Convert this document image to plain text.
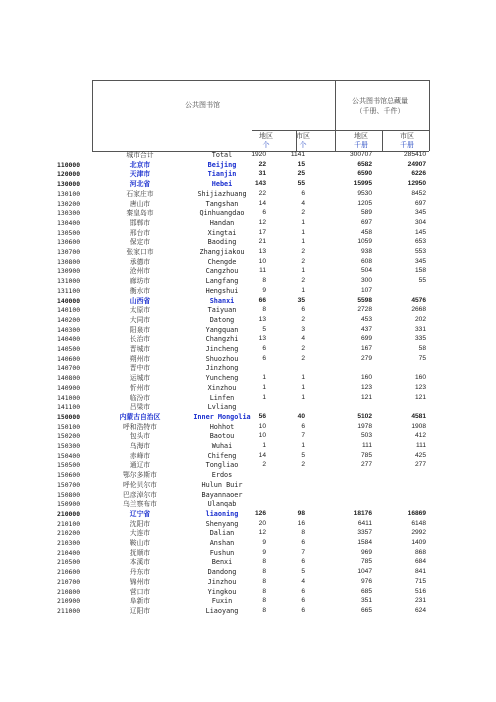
公共图书馆	公共图书馆总藏量
（千册、千件）
地区	市区	地区	市区
个	个	千册	千册
城市合计	Total	1920	1141	300707	285410
110000	北京市	Beijing	22	15	6582	24907
120000	天津市	Tianjin	31	25	6590	6226
130000	河北省	Hebei	143	55	15995	12950
130100	石家庄市	Shijiazhuang	22	6	9530	8452
130200	唐山市	Tangshan	14	4	1205	697
130300	秦皇岛市	Qinhuangdao	6	2	589	345
130400	邯郸市	Handan	12	1	697	304
130500	邢台市	Xingtai	17	1	458	145
130600	保定市	Baoding	21	1	1059	653
130700	张家口市	Zhangjiakou	13	2	938	553
130800	承德市	Chengde	10	2	608	345
130900	沧州市	Cangzhou	11	1	504	158
131000	廊坊市	Langfang	8	2	300	55
131100	衡水市	Hengshui	9	1	107
140000	山西省	Shanxi	66	35	5598	4576
140100	太原市	Taiyuan	8	6	2728	2668
140200	大同市	Datong	13	2	453	202
140300	阳泉市	Yangquan	5	3	437	331
140400	长治市	Changzhi	13	4	699	335
140500	晋城市	Jincheng	6	2	167	58
140600	朔州市	Shuozhou	6	2	279	75
140700	晋中市	Jinzhong
140800	运城市	Yuncheng	1	1	160	160
140900	忻州市	Xinzhou	1	1	123	123
141000	临汾市	Linfen	1	1	121	121
141100	吕梁市	Lvliang
150000	内蒙古自治区	Inner Mongolia	56	40	5102	4581
150100	呼和浩特市	Hohhot	10	6	1978	1908
150200	包头市	Baotou	10	7	503	412
150300	乌海市	Wuhai	1	1	111	111
150400	赤峰市	Chifeng	14	5	785	425
150500	通辽市	Tongliao	2	2	277	277
150600	鄂尔多斯市	Erdos
150700	呼伦贝尔市	Hulun Buir
150800	巴彦淖尔市	Bayannaoer
150900	乌兰察布市	Ulanqab
210000	辽宁省	liaoning	126	98	18176	16869
210100	沈阳市	Shenyang	20	16	6411	6148
210200	大连市	Dalian	12	8	3357	2992
210300	鞍山市	Anshan	9	6	1584	1409
210400	抚顺市	Fushun	9	7	969	868
210500	本溪市	Benxi	8	6	785	684
210600	丹东市	Dandong	8	5	1047	841
210700	锦州市	Jinzhou	8	4	976	715
210800	营口市	Yingkou	8	6	685	516
210900	阜新市	Fuxin	8	6	351	231
211000	辽阳市	Liaoyang	8	6	665	624
